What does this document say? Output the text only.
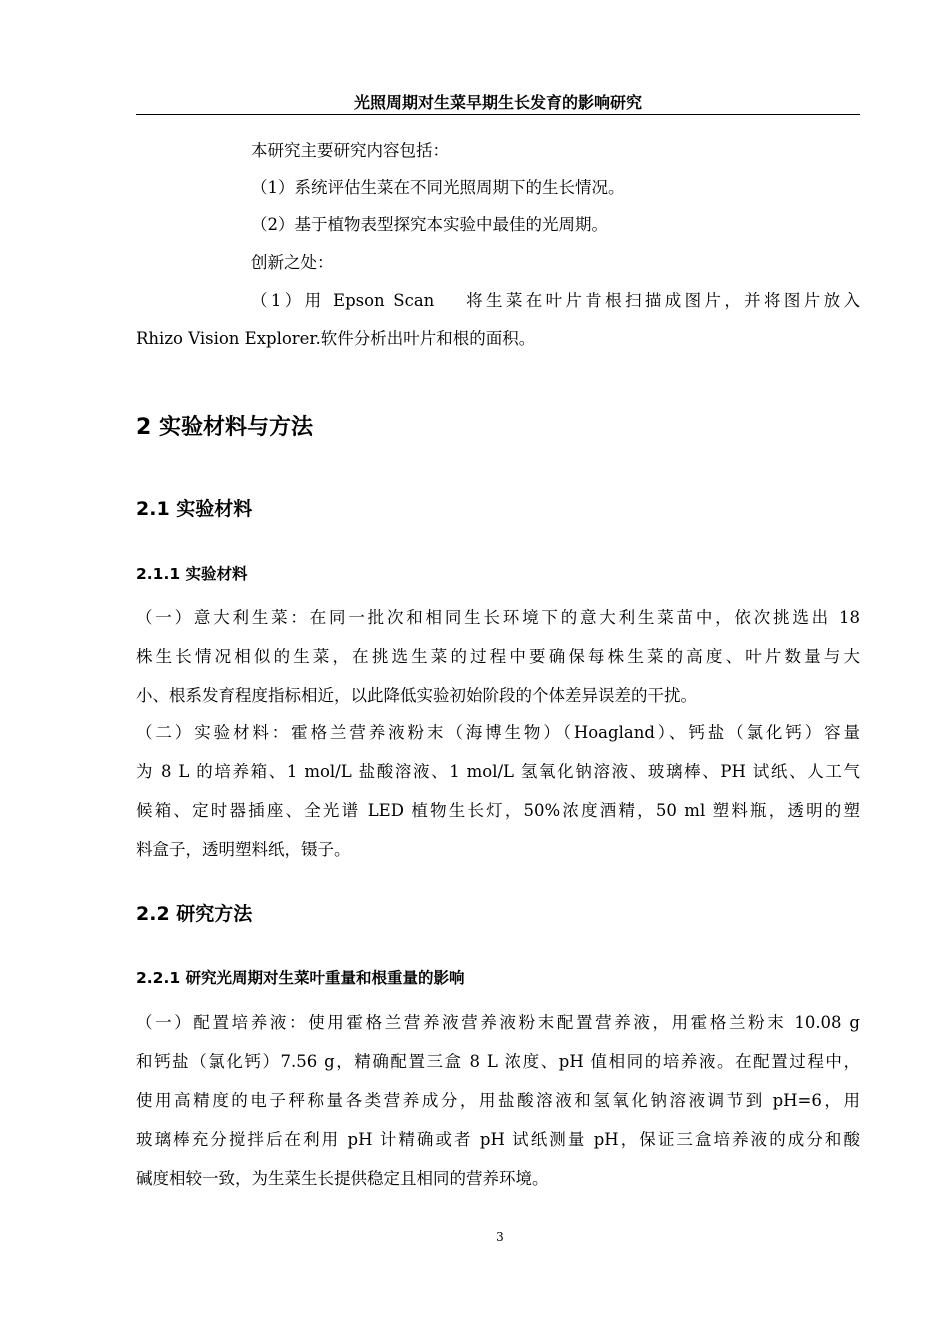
光照周期对生菜早期生长发育的影响研究
本研究主要研究内容包括：
（1）系统评估生菜在不同光照周期下的生长情况。
（2）基于植物表型探究本实验中最佳的光周期。
创新之处：
（1）用 Epson Scan　 将生菜在叶片肯根扫描成图片，并将图片放入
Rhizo Vision Explorer.软件分析出叶片和根的面积。
2 实验材料与方法
2.1 实验材料
2.1.1 实验材料
（一）意大利生菜：在同一批次和相同生长环境下的意大利生菜苗中，依次挑选出 18
株生长情况相似的生菜，在挑选生菜的过程中要确保每株生菜的高度、叶片数量与大
小、根系发育程度指标相近，以此降低实验初始阶段的个体差异误差的干扰。
（二）实验材料：霍格兰营养液粉末（海博生物）（Hoagland）、钙盐（氯化钙）容量
为 8 L 的培养箱、1 mol/L 盐酸溶液、1 mol/L 氢氧化钠溶液、玻璃棒、PH 试纸、人工气
候箱、定时器插座、全光谱 LED 植物生长灯，50%浓度酒精，50 ml 塑料瓶，透明的塑
料盒子，透明塑料纸，镊子。
2.2 研究方法
2.2.1 研究光周期对生菜叶重量和根重量的影响
（一）配置培养液：使用霍格兰营养液营养液粉末配置营养液，用霍格兰粉末 10.08 g
和钙盐（氯化钙）7.56 g，精确配置三盒 8 L 浓度、pH 值相同的培养液。在配置过程中，
使用高精度的电子秤称量各类营养成分，用盐酸溶液和氢氧化钠溶液调节到 pH=6，用
玻璃棒充分搅拌后在利用 pH 计精确或者 pH 试纸测量 pH，保证三盒培养液的成分和酸
碱度相较一致，为生菜生长提供稳定且相同的营养环境。
3
